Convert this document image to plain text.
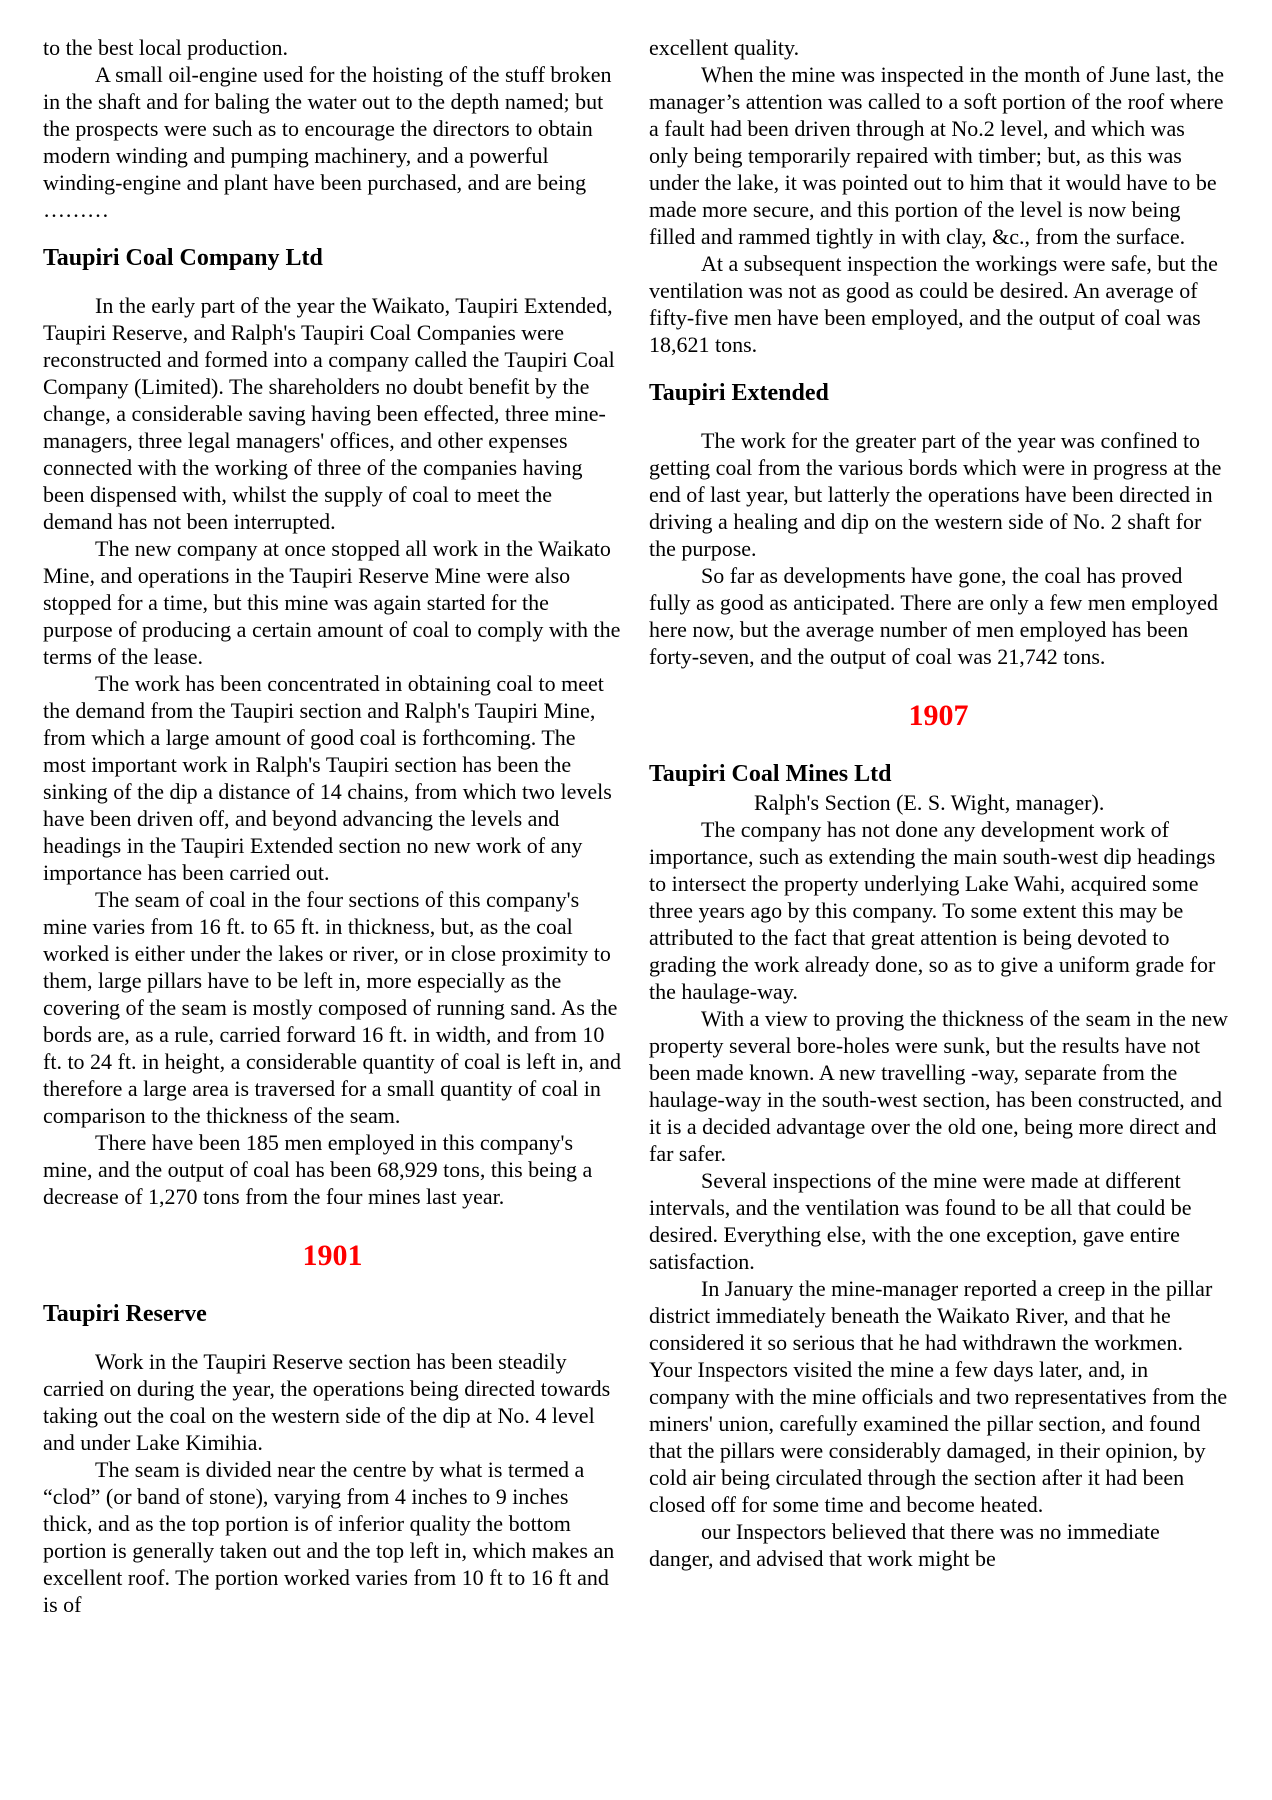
to the best local production.

A small oil-engine used for the hoisting of the stuff broken in the shaft and for baling the water out to the depth named; but the prospects were such as to encourage the directors to obtain modern winding and pumping machinery, and a powerful winding-engine and plant have been purchased, and are being ………

Taupiri Coal Company Ltd

In the early part of the year the Waikato, Taupiri Extended, Taupiri Reserve, and Ralph's Taupiri Coal Companies were reconstructed and formed into a company called the Taupiri Coal Company (Limited). The shareholders no doubt benefit by the change, a considerable saving having been effected, three mine-managers, three legal managers' offices, and other expenses connected with the working of three of the companies having been dispensed with, whilst the supply of coal to meet the demand has not been interrupted.

The new company at once stopped all work in the Waikato Mine, and operations in the Taupiri Reserve Mine were also stopped for a time, but this mine was again started for the purpose of producing a certain amount of coal to comply with the terms of the lease.

The work has been concentrated in obtaining coal to meet the demand from the Taupiri section and Ralph's Taupiri Mine, from which a large amount of good coal is forthcoming. The most important work in Ralph's Taupiri section has been the sinking of the dip a distance of 14 chains, from which two levels have been driven off, and beyond advancing the levels and headings in the Taupiri Extended section no new work of any importance has been carried out.

The seam of coal in the four sections of this company's mine varies from 16 ft. to 65 ft. in thickness, but, as the coal worked is either under the lakes or river, or in close proximity to them, large pillars have to be left in, more especially as the covering of the seam is mostly composed of running sand. As the bords are, as a rule, carried forward 16 ft. in width, and from 10 ft. to 24 ft. in height, a considerable quantity of coal is left in, and therefore a large area is traversed for a small quantity of coal in comparison to the thickness of the seam.

There have been 185 men employed in this company's mine, and the output of coal has been 68,929 tons, this being a decrease of 1,270 tons from the four mines last year.

1901
Taupiri Reserve

Work in the Taupiri Reserve section has been steadily carried on during the year, the operations being directed towards taking out the coal on the western side of the dip at No. 4 level and under Lake Kimihia.

The seam is divided near the centre by what is termed a “clod” (or band of stone), varying from 4 inches to 9 inches thick, and as the top portion is of inferior quality the bottom portion is generally taken out and the top left in, which makes an excellent roof. The portion worked varies from 10 ft to 16 ft and is of

excellent quality.

When the mine was inspected in the month of June last, the manager’s attention was called to a soft portion of the roof where a fault had been driven through at No.2 level, and which was only being temporarily repaired with timber; but, as this was under the lake, it was pointed out to him that it would have to be made more secure, and this portion of the level is now being filled and rammed tightly in with clay, &c., from the surface.

At a subsequent inspection the workings were safe, but the ventilation was not as good as could be desired. An average of fifty-five men have been employed, and the output of coal was 18,621 tons.

Taupiri Extended

The work for the greater part of the year was confined to getting coal from the various bords which were in progress at the end of last year, but latterly the operations have been directed in driving a healing and dip on the western side of No. 2 shaft for the purpose.

So far as developments have gone, the coal has proved fully as good as anticipated. There are only a few men employed here now, but the average number of men employed has been forty-seven, and the output of coal was 21,742 tons.

1907
Taupiri Coal Mines Ltd

Ralph's Section (E. S. Wight, manager).

The company has not done any development work of importance, such as extending the main south-west dip headings to intersect the property underlying Lake Wahi, acquired some three years ago by this company. To some extent this may be attributed to the fact that great attention is being devoted to grading the work already done, so as to give a uniform grade for the haulage-way.

With a view to proving the thickness of the seam in the new property several bore-holes were sunk, but the results have not been made known. A new travelling -way, separate from the haulage-way in the south-west section, has been constructed, and it is a decided advantage over the old one, being more direct and far safer.

Several inspections of the mine were made at different intervals, and the ventilation was found to be all that could be desired. Everything else, with the one exception, gave entire satisfaction.

In January the mine-manager reported a creep in the pillar district immediately beneath the Waikato River, and that he considered it so serious that he had withdrawn the workmen. Your Inspectors visited the mine a few days later, and, in company with the mine officials and two representatives from the miners' union, carefully examined the pillar section, and found that the pillars were considerably damaged, in their opinion, by cold air being circulated through the section after it had been closed off for some time and become heated.

our Inspectors believed that there was no immediate danger, and advised that work might be
